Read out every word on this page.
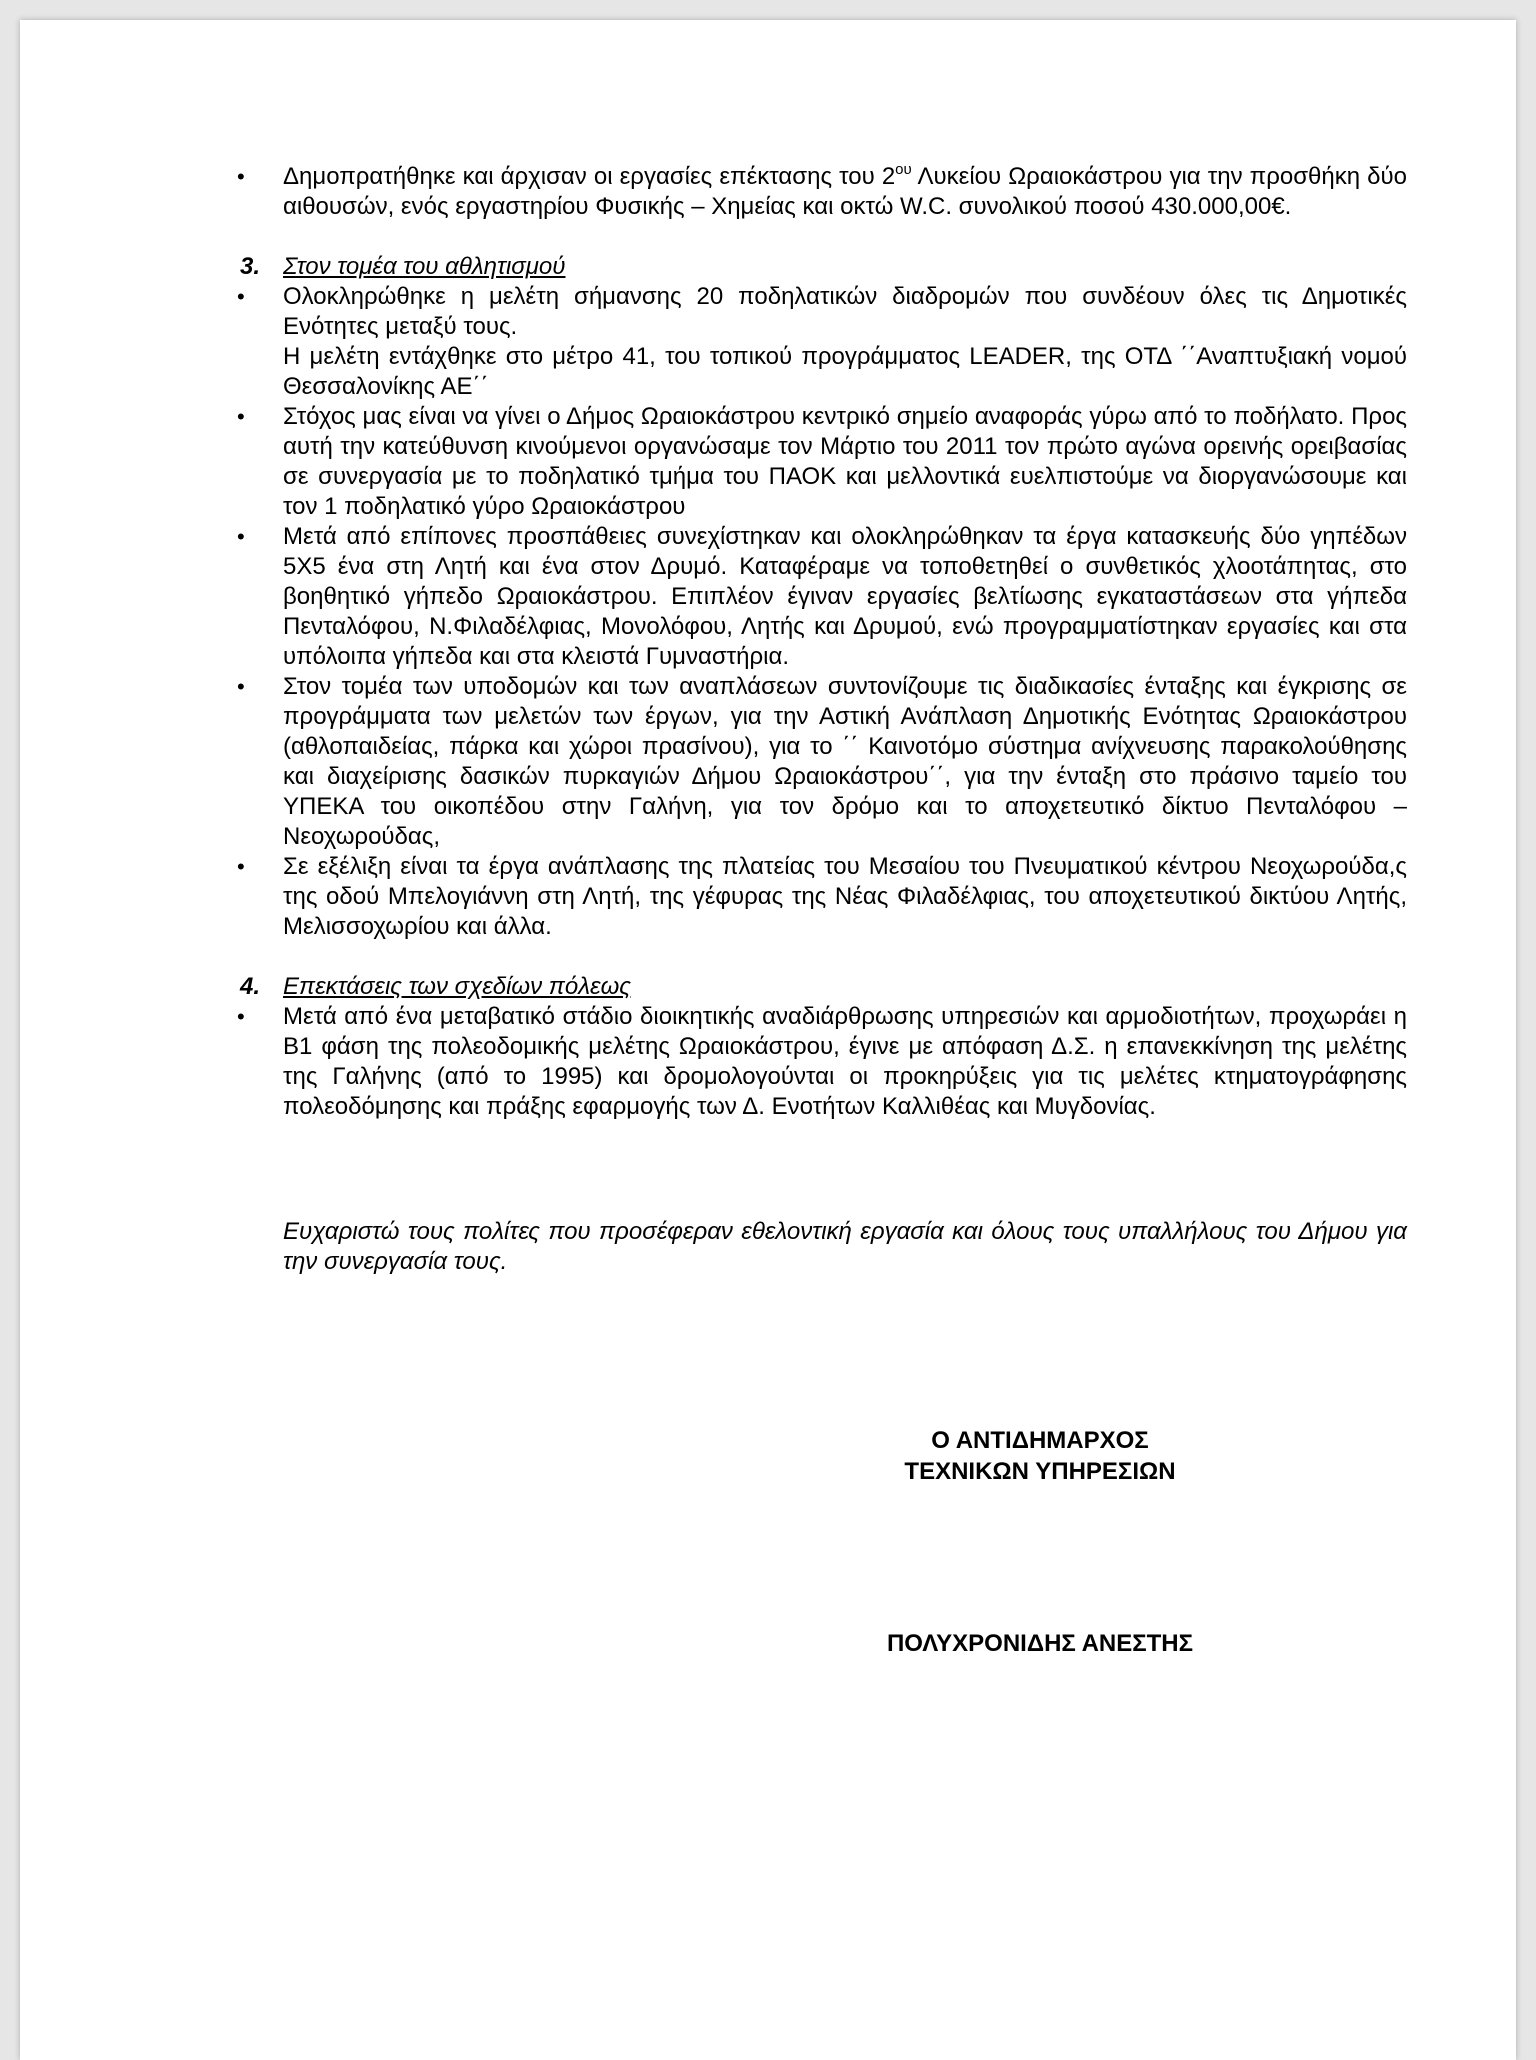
• Δημοπρατήθηκε και άρχισαν οι εργασίες επέκτασης του $2^{o\upsilon}$ Λυκείου Ωραιοκάστρου για την προσθήκη δύο αιθουσών, ενός εργαστηρίου Φυσικής – Χημείας και οκτώ W.C. συνολικού ποσού 430.000,00€.

3. Στον τομέα του αθλητισμού
• Ολοκληρώθηκε η μελέτη σήμανσης 20 ποδηλατικών διαδρομών που συνδέουν όλες τις Δημοτικές Ενότητες μεταξύ τους.

Η μελέτη εντάχθηκε στο μέτρο 41, του τοπικού προγράμματος LEADER, της ΟΤΔ ΄΄Αναπτυξιακή νομού Θεσσαλονίκης ΑΕ΄΄

• Στόχος μας είναι να γίνει ο Δήμος Ωραιοκάστρου κεντρικό σημείο αναφοράς γύρω από το ποδήλατο. Προς αυτή την κατεύθυνση κινούμενοι οργανώσαμε τον Μάρτιο του 2011 τον πρώτο αγώνα ορεινής ορειβασίας σε συνεργασία με το ποδηλατικό τμήμα του ΠΑΟΚ και μελλοντικά ευελπιστούμε να διοργανώσουμε και τον 1 ποδηλατικό γύρο Ωραιοκάστρου

• Μετά από επίπονες προσπάθειες συνεχίστηκαν και ολοκληρώθηκαν τα έργα κατασκευής δύο γηπέδων 5Χ5 ένα στη Λητή και ένα στον Δρυμό. Καταφέραμε να τοποθετηθεί ο συνθετικός χλοοτάπητας, στο βοηθητικό γήπεδο Ωραιοκάστρου. Επιπλέον έγιναν εργασίες βελτίωσης εγκαταστάσεων στα γήπεδα Πενταλόφου, Ν.Φιλαδέλφιας, Μονολόφου, Λητής και Δρυμού, ενώ προγραμματίστηκαν εργασίες και στα υπόλοιπα γήπεδα και στα κλειστά Γυμναστήρια.

• Στον τομέα των υποδομών και των αναπλάσεων συντονίζουμε τις διαδικασίες ένταξης και έγκρισης σε προγράμματα των μελετών των έργων, για την Αστική Ανάπλαση Δημοτικής Ενότητας Ωραιοκάστρου (αθλοπαιδείας, πάρκα και χώροι πρασίνου), για το ΄΄ Καινοτόμο σύστημα ανίχνευσης παρακολούθησης και διαχείρισης δασικών πυρκαγιών Δήμου Ωραιοκάστρου΄΄, για την ένταξη στο πράσινο ταμείο του ΥΠΕΚΑ του οικοπέδου στην Γαλήνη, για τον δρόμο και το αποχετευτικό δίκτυο Πενταλόφου – Νεοχωρούδας,

• Σε εξέλιξη είναι τα έργα ανάπλασης της πλατείας του Μεσαίου του Πνευματικού κέντρου Νεοχωρούδα,ς της οδού Μπελογιάννη στη Λητή, της γέφυρας της Νέας Φιλαδέλφιας, του αποχετευτικού δικτύου Λητής, Μελισσοχωρίου και άλλα.

4. Επεκτάσεις των σχεδίων πόλεως
• Μετά από ένα μεταβατικό στάδιο διοικητικής αναδιάρθρωσης υπηρεσιών και αρμοδιοτήτων, προχωράει η Β1 φάση της πολεοδομικής μελέτης Ωραιοκάστρου, έγινε με απόφαση Δ.Σ. η επανεκκίνηση της μελέτης της Γαλήνης (από το 1995) και δρομολογούνται οι προκηρύξεις για τις μελέτες κτηματογράφησης πολεοδόμησης και πράξης εφαρμογής των Δ. Ενοτήτων Καλλιθέας και Μυγδονίας.

Ευχαριστώ τους πολίτες που προσέφεραν εθελοντική εργασία και όλους τους υπαλλήλους του Δήμου για την συνεργασία τους.
Ο ΑΝΤΙΔΗΜΑΡΧΟΣ
ΤΕΧΝΙΚΩΝ ΥΠΗΡΕΣΙΩΝ
ΠΟΛΥΧΡΟΝΙΔΗΣ ΑΝΕΣΤΗΣ
